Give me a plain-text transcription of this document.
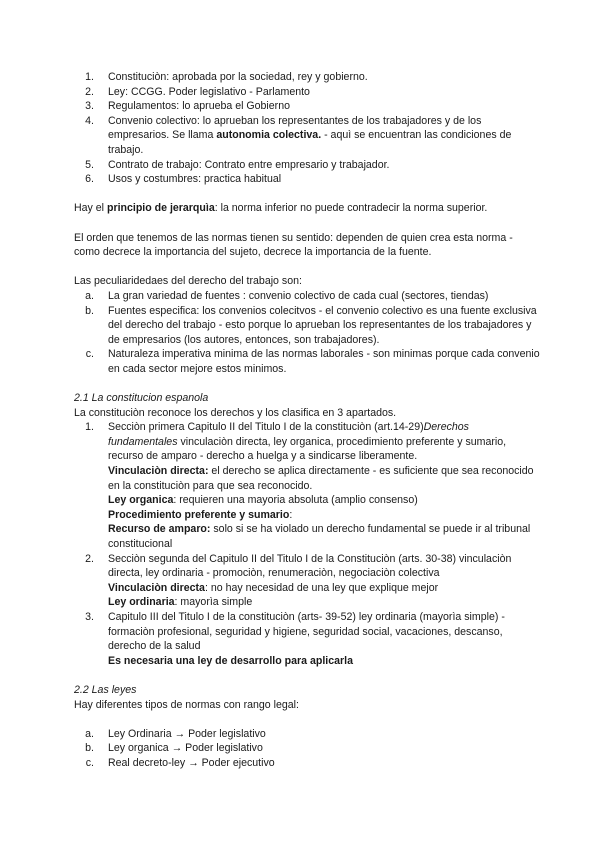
1. Constituciòn: aprobada por la sociedad, rey y gobierno.
2. Ley: CCGG. Poder legislativo - Parlamento
3. Regulamentos: lo aprueba el Gobierno
4. Convenio colectivo: lo aprueban los representantes de los trabajadores y de los empresarios. Se llama autonomia colectiva. - aquì se encuentran las condiciones de trabajo.
5. Contrato de trabajo: Contrato entre empresario y trabajador.
6. Usos y costumbres: practica habitual

Hay el principio de jerarquìa: la norma inferior no puede contradecir la norma superior.

El orden que tenemos de las normas tienen su sentido: dependen de quien crea esta norma - como decrece la importancia del sujeto, decrece la importancia de la fuente.

Las peculiaridedaes del derecho del trabajo son:

a. La gran variedad de fuentes : convenio colectivo de cada cual (sectores, tiendas)
b. Fuentes especifica: los convenios colecitvos - el convenio colectivo es una fuente exclusiva del derecho del trabajo - esto porque lo aprueban los representantes de los trabajadores y de empresarios (los autores, entonces, son trabajadores).
c. Naturaleza imperativa minima de las normas laborales - son minimas porque cada convenio en cada sector mejore estos minimos.

2.1 La constitucion espanola

La constituciòn reconoce los derechos y los clasifica en 3 apartados.

1. Secciòn primera Capitulo II del Titulo I de la constituciòn (art.14-29)Derechos fundamentales vinculaciòn directa, ley organica, procedimiento preferente y sumario, recurso de amparo - derecho a huelga y a sindicarse liberamente.
Vinculaciòn directa: el derecho se aplica directamente - es suficiente que sea reconocido en la constituciòn para que sea reconocido.
Ley organica: requieren una mayoria absoluta (amplio consenso)
Procedimiento preferente y sumario:
Recurso de amparo: solo si se ha violado un derecho fundamental se puede ir al tribunal constitucional
2. Secciòn segunda del Capitulo II del Titulo I de la Constituciòn (arts. 30-38) vinculaciòn directa, ley ordinaria - promociòn, renumeraciòn, negociaciòn colectiva
Vinculaciòn directa: no hay necesidad de una ley que explique mejor
Ley ordinaria: mayorìa simple
3. Capitulo III del Titulo I de la constituciòn (arts- 39-52) ley ordinaria (mayorìa simple) - formaciòn profesional, seguridad y higiene, seguridad social, vacaciones, descanso, derecho de la salud
Es necesaria una ley de desarrollo para aplicarla

2.2 Las leyes

Hay diferentes tipos de normas con rango legal:

a. Ley Ordinaria → Poder legislativo
b. Ley organica → Poder legislativo
c. Real decreto-ley → Poder ejecutivo
